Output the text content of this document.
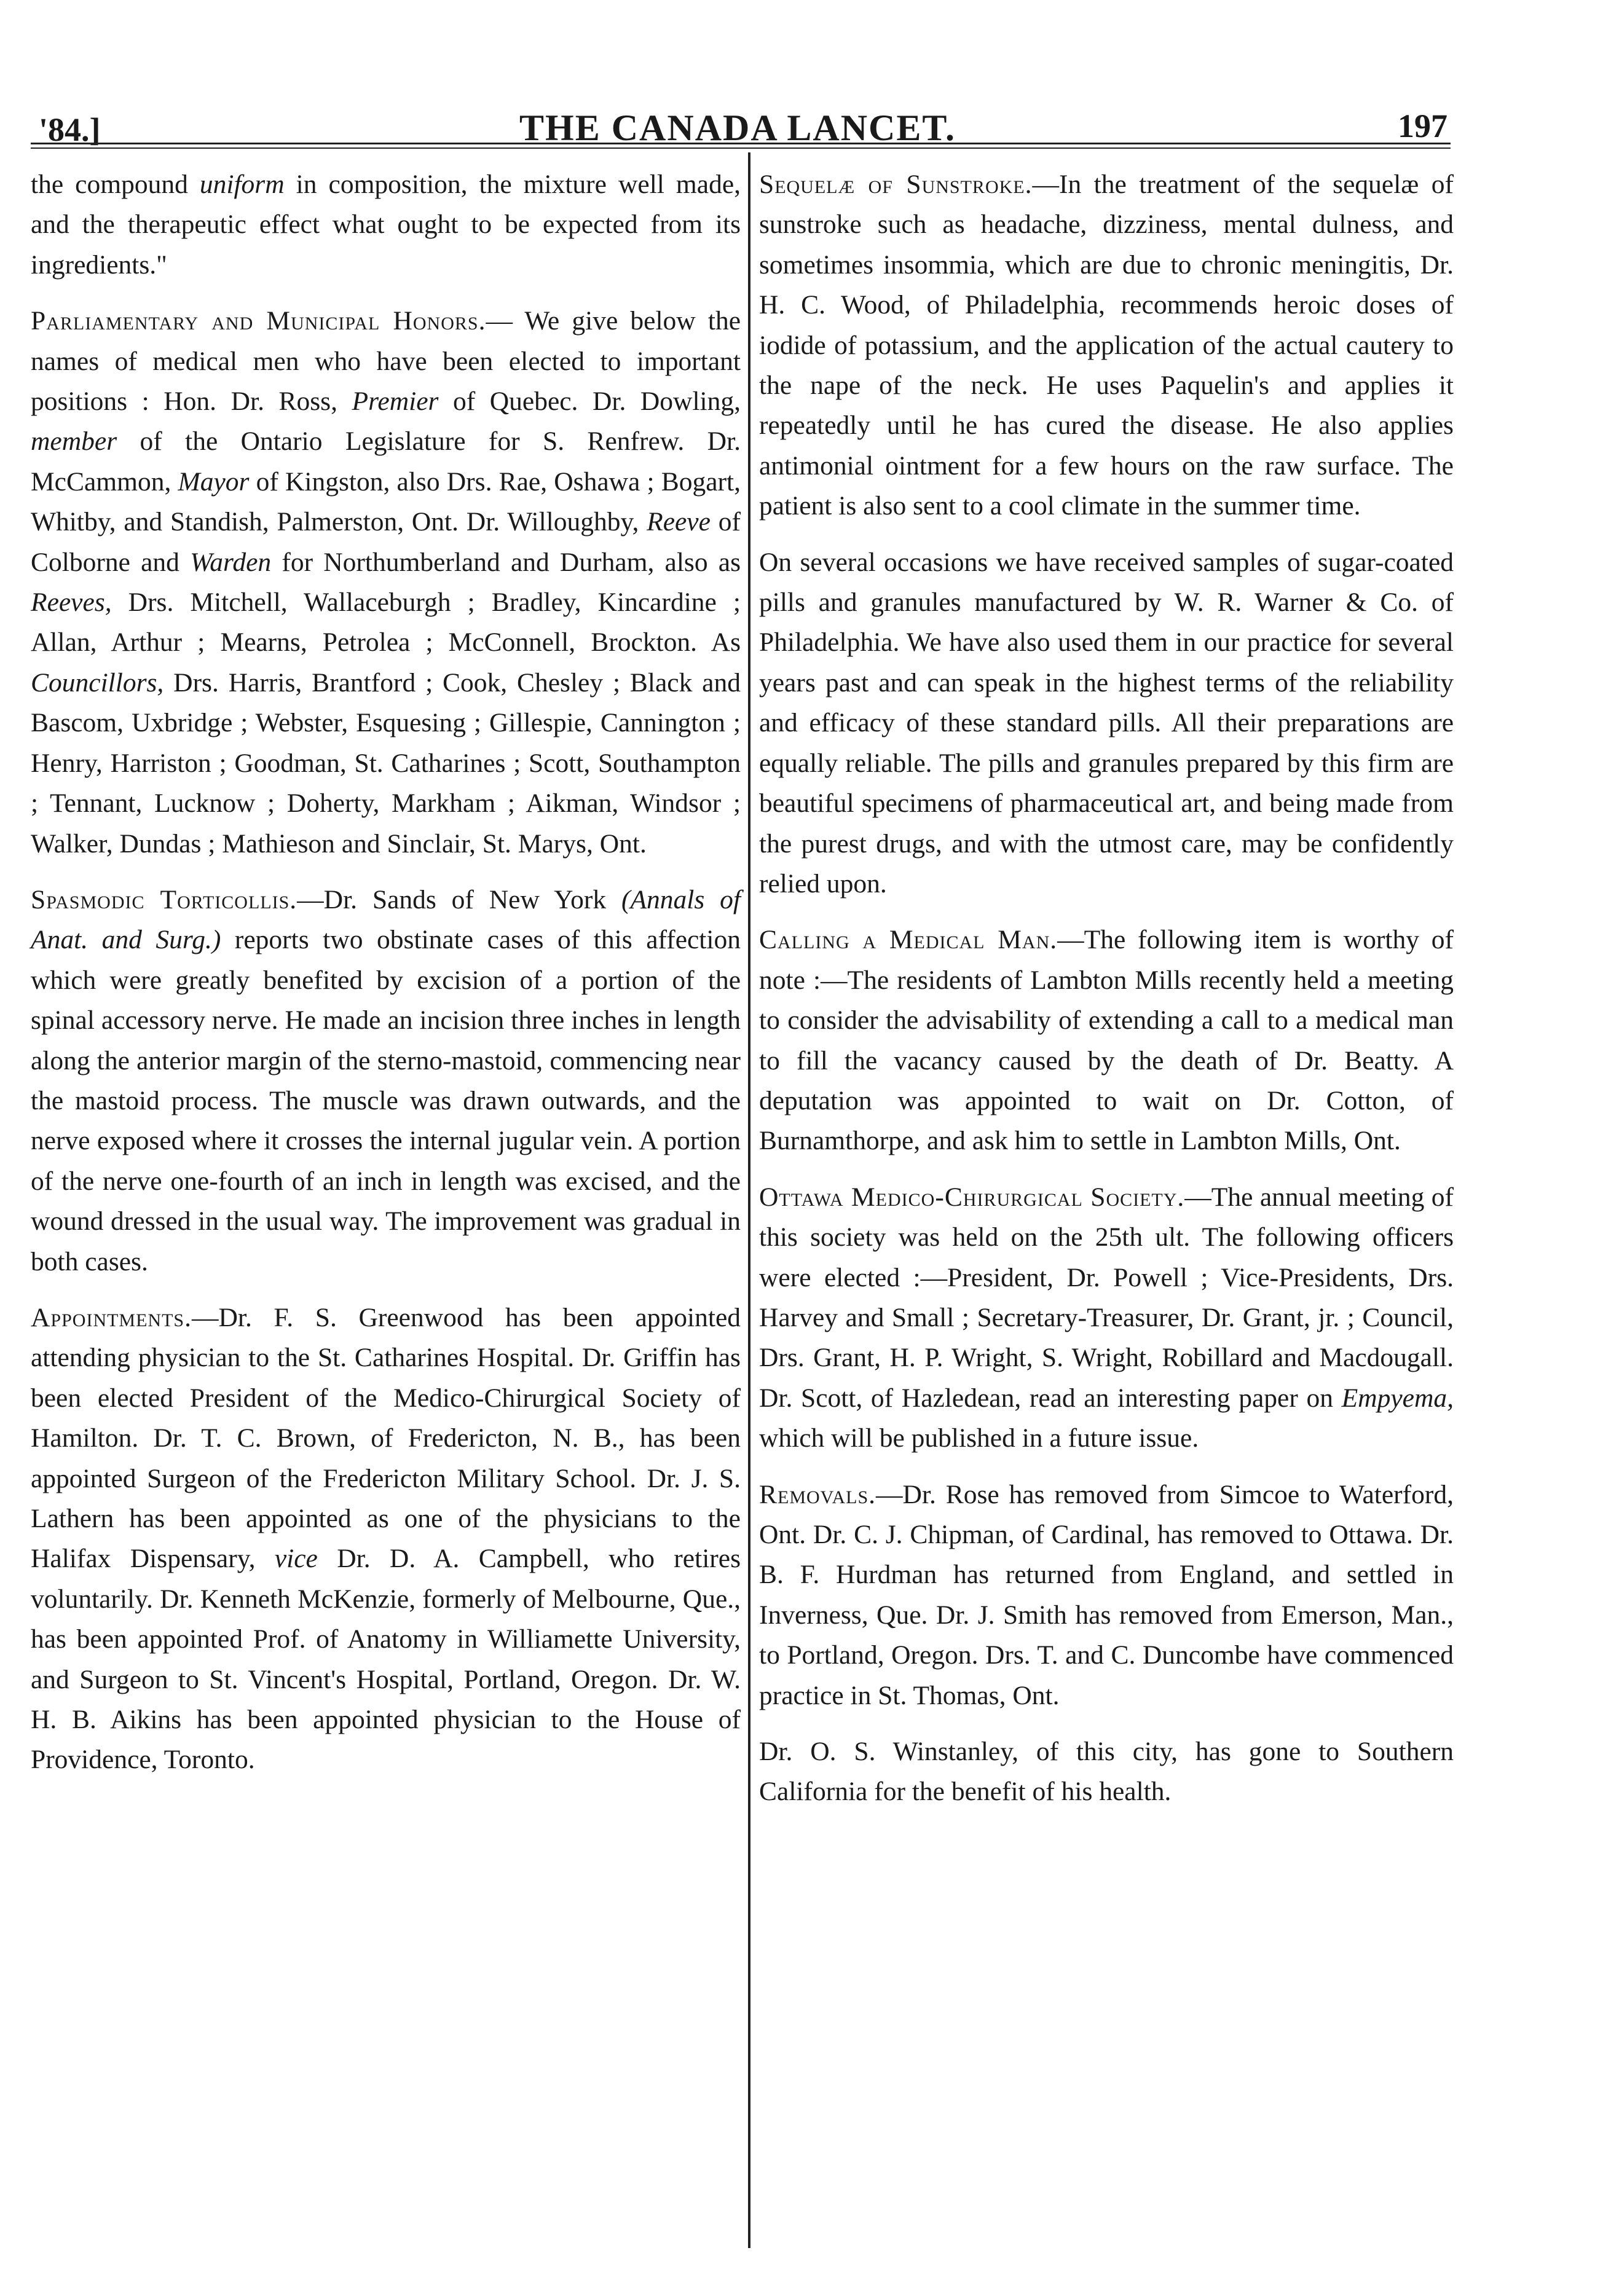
'84.]	THE CANADA LANCET.	197

the compound uniform in composition, the mixture well made, and the therapeutic effect what ought to be expected from its ingredients."

Parliamentary and Municipal Honors.— We give below the names of medical men who have been elected to important positions : Hon. Dr. Ross, Premier of Quebec. Dr. Dowling, member of the Ontario Legislature for S. Renfrew. Dr. McCammon, Mayor of Kingston, also Drs. Rae, Oshawa ; Bogart, Whitby, and Standish, Palmerston, Ont. Dr. Willoughby, Reeve of Colborne and Warden for Northumberland and Durham, also as Reeves, Drs. Mitchell, Wallaceburgh ; Bradley, Kincardine ; Allan, Arthur ; Mearns, Petrolea ; McConnell, Brockton. As Councillors, Drs. Harris, Brantford ; Cook, Chesley ; Black and Bascom, Uxbridge ; Webster, Esquesing ; Gillespie, Cannington ; Henry, Harriston ; Goodman, St. Catharines ; Scott, Southampton ; Tennant, Lucknow ; Doherty, Markham ; Aikman, Windsor ; Walker, Dundas ; Mathieson and Sinclair, St. Marys, Ont.

Spasmodic Torticollis.—Dr. Sands of New York (Annals of Anat. and Surg.) reports two obstinate cases of this affection which were greatly benefited by excision of a portion of the spinal accessory nerve. He made an incision three inches in length along the anterior margin of the sterno-mastoid, commencing near the mastoid process. The muscle was drawn outwards, and the nerve exposed where it crosses the internal jugular vein. A portion of the nerve one-fourth of an inch in length was excised, and the wound dressed in the usual way. The improvement was gradual in both cases.

Appointments.—Dr. F. S. Greenwood has been appointed attending physician to the St. Catharines Hospital. Dr. Griffin has been elected President of the Medico-Chirurgical Society of Hamilton. Dr. T. C. Brown, of Fredericton, N. B., has been appointed Surgeon of the Fredericton Military School. Dr. J. S. Lathern has been appointed as one of the physicians to the Halifax Dispensary, vice Dr. D. A. Campbell, who retires voluntarily. Dr. Kenneth McKenzie, formerly of Melbourne, Que., has been appointed Prof. of Anatomy in Williamette University, and Surgeon to St. Vincent's Hospital, Portland, Oregon. Dr. W. H. B. Aikins has been appointed physician to the House of Providence, Toronto.

Sequelæ of Sunstroke.—In the treatment of the sequelæ of sunstroke such as headache, dizziness, mental dulness, and sometimes insommia, which are due to chronic meningitis, Dr. H. C. Wood, of Philadelphia, recommends heroic doses of iodide of potassium, and the application of the actual cautery to the nape of the neck. He uses Paquelin's and applies it repeatedly until he has cured the disease. He also applies antimonial ointment for a few hours on the raw surface. The patient is also sent to a cool climate in the summer time.

On several occasions we have received samples of sugar-coated pills and granules manufactured by W. R. Warner & Co. of Philadelphia. We have also used them in our practice for several years past and can speak in the highest terms of the reliability and efficacy of these standard pills. All their preparations are equally reliable. The pills and granules prepared by this firm are beautiful specimens of pharmaceutical art, and being made from the purest drugs, and with the utmost care, may be confidently relied upon.

Calling a Medical Man.—The following item is worthy of note :—The residents of Lambton Mills recently held a meeting to consider the advisability of extending a call to a medical man to fill the vacancy caused by the death of Dr. Beatty. A deputation was appointed to wait on Dr. Cotton, of Burnamthorpe, and ask him to settle in Lambton Mills, Ont.

Ottawa Medico-Chirurgical Society.—The annual meeting of this society was held on the 25th ult. The following officers were elected :—President, Dr. Powell ; Vice-Presidents, Drs. Harvey and Small ; Secretary-Treasurer, Dr. Grant, jr. ; Council, Drs. Grant, H. P. Wright, S. Wright, Robillard and Macdougall. Dr. Scott, of Hazledean, read an interesting paper on Empyema, which will be published in a future issue.

Removals.—Dr. Rose has removed from Simcoe to Waterford, Ont. Dr. C. J. Chipman, of Cardinal, has removed to Ottawa. Dr. B. F. Hurdman has returned from England, and settled in Inverness, Que. Dr. J. Smith has removed from Emerson, Man., to Portland, Oregon. Drs. T. and C. Duncombe have commenced practice in St. Thomas, Ont.

Dr. O. S. Winstanley, of this city, has gone to Southern California for the benefit of his health.
